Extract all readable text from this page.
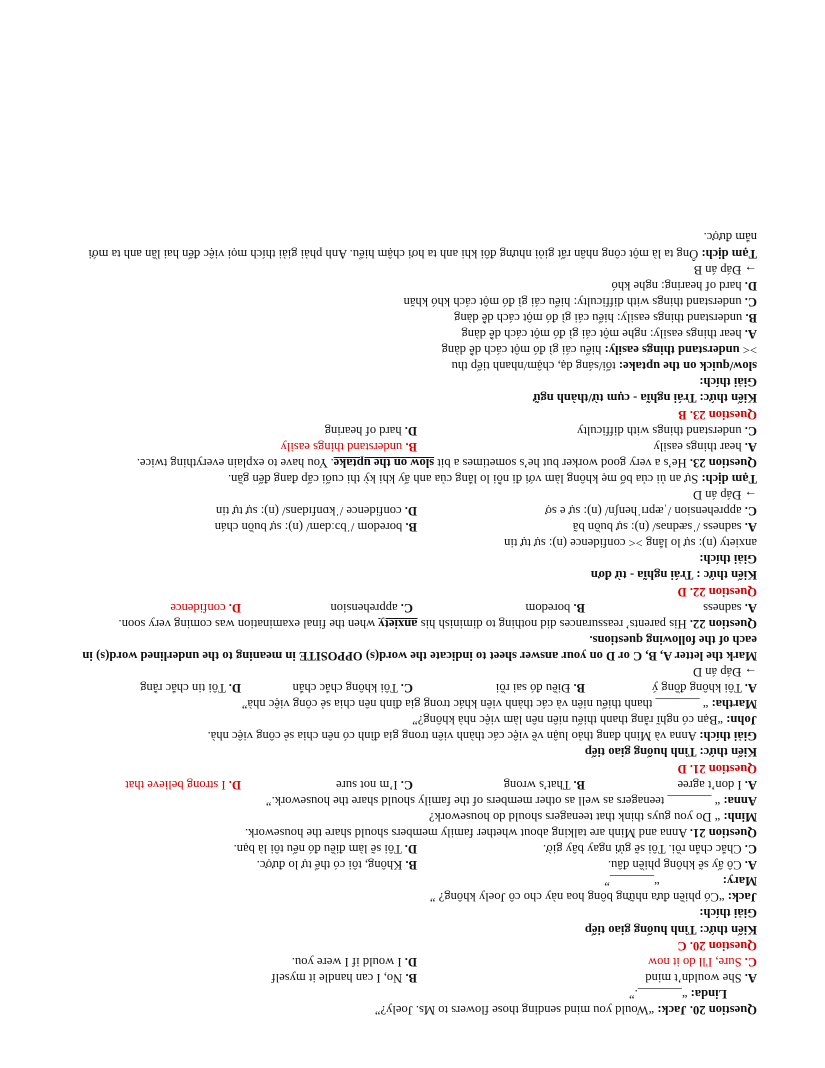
Question 20. Jack: “Would you mind sending those flowers to Ms. Joely?”
Linda: “_______.”
A. She wouldn’t mind
B. No, I can handle it myself
C. Sure, I'll do it now
D. I would if I were you.
Question 20. C
Kiến thức: Tình huống giao tiếp
Giải thích:
Jack: “Có phiền đưa những bông hoa này cho cô Joely không? ”
Mary: “_______”
A. Cô ấy sẽ không phiền đâu.
B. Không, tôi có thể tự lo được.
C. Chắc chắn rồi. Tôi sẽ gửi ngay bây giờ.
D. Tôi sẽ làm điều đó nếu tôi là bạn.
Question 21. Anna and Minh are talking about whether family members should share the housework.
Minh: “ Do you guys think that teenagers should do housework?
Anna: “ _______ teenagers as well as other members of the family should share the housework.”
A. I don’t agree
B. That’s wrong
C. I’m not sure
D. I strong believe that
Question 21. D
Kiến thức: Tình huống giao tiếp
Giải thích: Anna và Minh đang thảo luận về việc các thành viên trong gia đình có nên chia sẻ công việc nhà.
John: “Bạn có nghĩ rằng thanh thiếu niên nên làm việc nhà không?”
Martha: “ _______ thanh thiếu niên và các thành viên khác trong gia đình nên chia sẻ công việc nhà”
A. Tôi không đồng ý
B. Điều đó sai rồi
C. Tôi không chắc chắn
D. Tôi tin chắc rằng
→ Đáp án D
Mark the letter A, B, C or D on your answer sheet to indicate the word(s) OPPOSITE in meaning to the underlined word(s) in each of the following questions.
Question 22. His parents’ reassurances did nothing to diminish his anxiety when the final examination was coming very soon.
A. sadness
B. boredom
C. apprehension
D. confidence
Question 22. D
Kiến thức : Trái nghĩa - từ đơn
Giải thích:
anxiety (n): sự lo lắng >< confidence (n): sự tự tin
A. sadness /ˈsædnəs/ (n): sự buồn bã
B. boredom /ˈbɔːdəm/ (n): sự buồn chán
C. apprehension /ˌæprɪˈhenʃn/ (n): sự e sợ
D. confidence /ˈkɒnfɪdəns/ (n): sự tự tin
→ Đáp án D
Tạm dịch: Sự an ủi của bố mẹ không làm với đi nỗi lo lắng của anh ấy khi kỳ thi cuối cấp đang đến gần.
Question 23. He’s a very good worker but he’s sometimes a bit slow on the uptake. You have to explain everything twice.
A. hear things easily
B. understand things easily
C. understand things with difficulty
D. hard of hearing
Question 23. B
Kiến thức: Trái nghĩa - cụm từ/thành ngữ
Giải thích:
slow/quick on the uptake: tối/sáng dạ, chậm/nhanh tiếp thu
>< understand things easily: hiểu cái gì đó một cách dễ dàng
A. hear things easily: nghe một cái gì đó một cách dễ dàng
B. understand things easily: hiểu cái gì đó một cách dễ dàng
C. understand things with difficulty: hiểu cái gì đó một cách khó khăn
D. hard of hearing: nghe khó
→ Đáp án B
Tạm dịch: Ông ta là một công nhân rất giỏi nhưng đôi khi anh ta hơi chậm hiểu. Anh phải giải thích mọi việc đến hai lần anh ta mới nắm được.
